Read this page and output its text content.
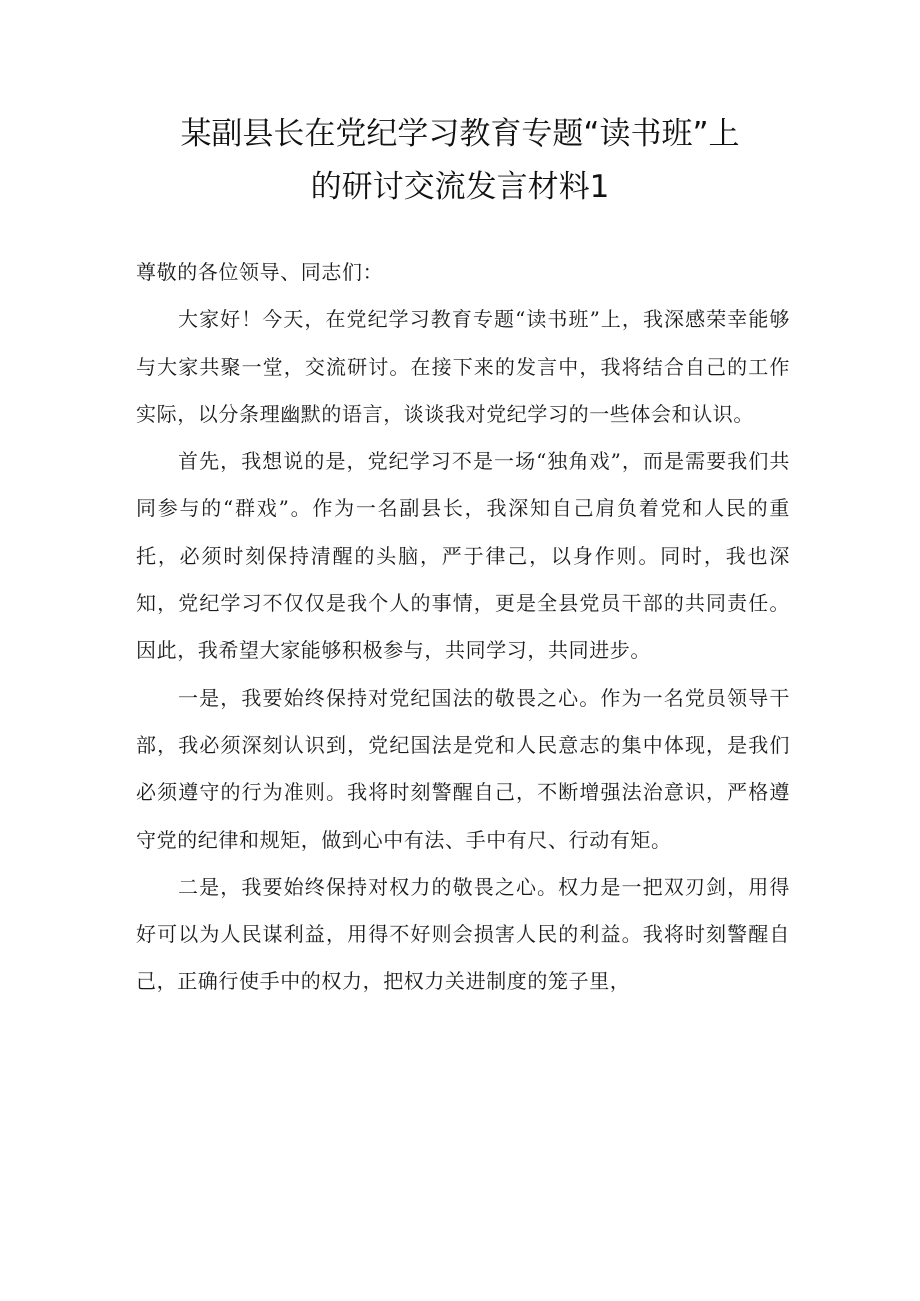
某副县长在党纪学习教育专题“读书班”上
的研讨交流发言材料1

尊敬的各位领导、同志们：

大家好！今天，在党纪学习教育专题“读书班”上，我深感荣幸能够与大家共聚一堂，交流研讨。在接下来的发言中，我将结合自己的工作实际，以分条理幽默的语言，谈谈我对党纪学习的一些体会和认识。

首先，我想说的是，党纪学习不是一场“独角戏”，而是需要我们共同参与的“群戏”。作为一名副县长，我深知自己肩负着党和人民的重托，必须时刻保持清醒的头脑，严于律己，以身作则。同时，我也深知，党纪学习不仅仅是我个人的事情，更是全县党员干部的共同责任。因此，我希望大家能够积极参与，共同学习，共同进步。

一是，我要始终保持对党纪国法的敬畏之心。作为一名党员领导干部，我必须深刻认识到，党纪国法是党和人民意志的集中体现，是我们必须遵守的行为准则。我将时刻警醒自己，不断增强法治意识，严格遵守党的纪律和规矩，做到心中有法、手中有尺、行动有矩。

二是，我要始终保持对权力的敬畏之心。权力是一把双刃剑，用得好可以为人民谋利益，用得不好则会损害人民的利益。我将时刻警醒自己，正确行使手中的权力，把权力关进制度的笼子里，
